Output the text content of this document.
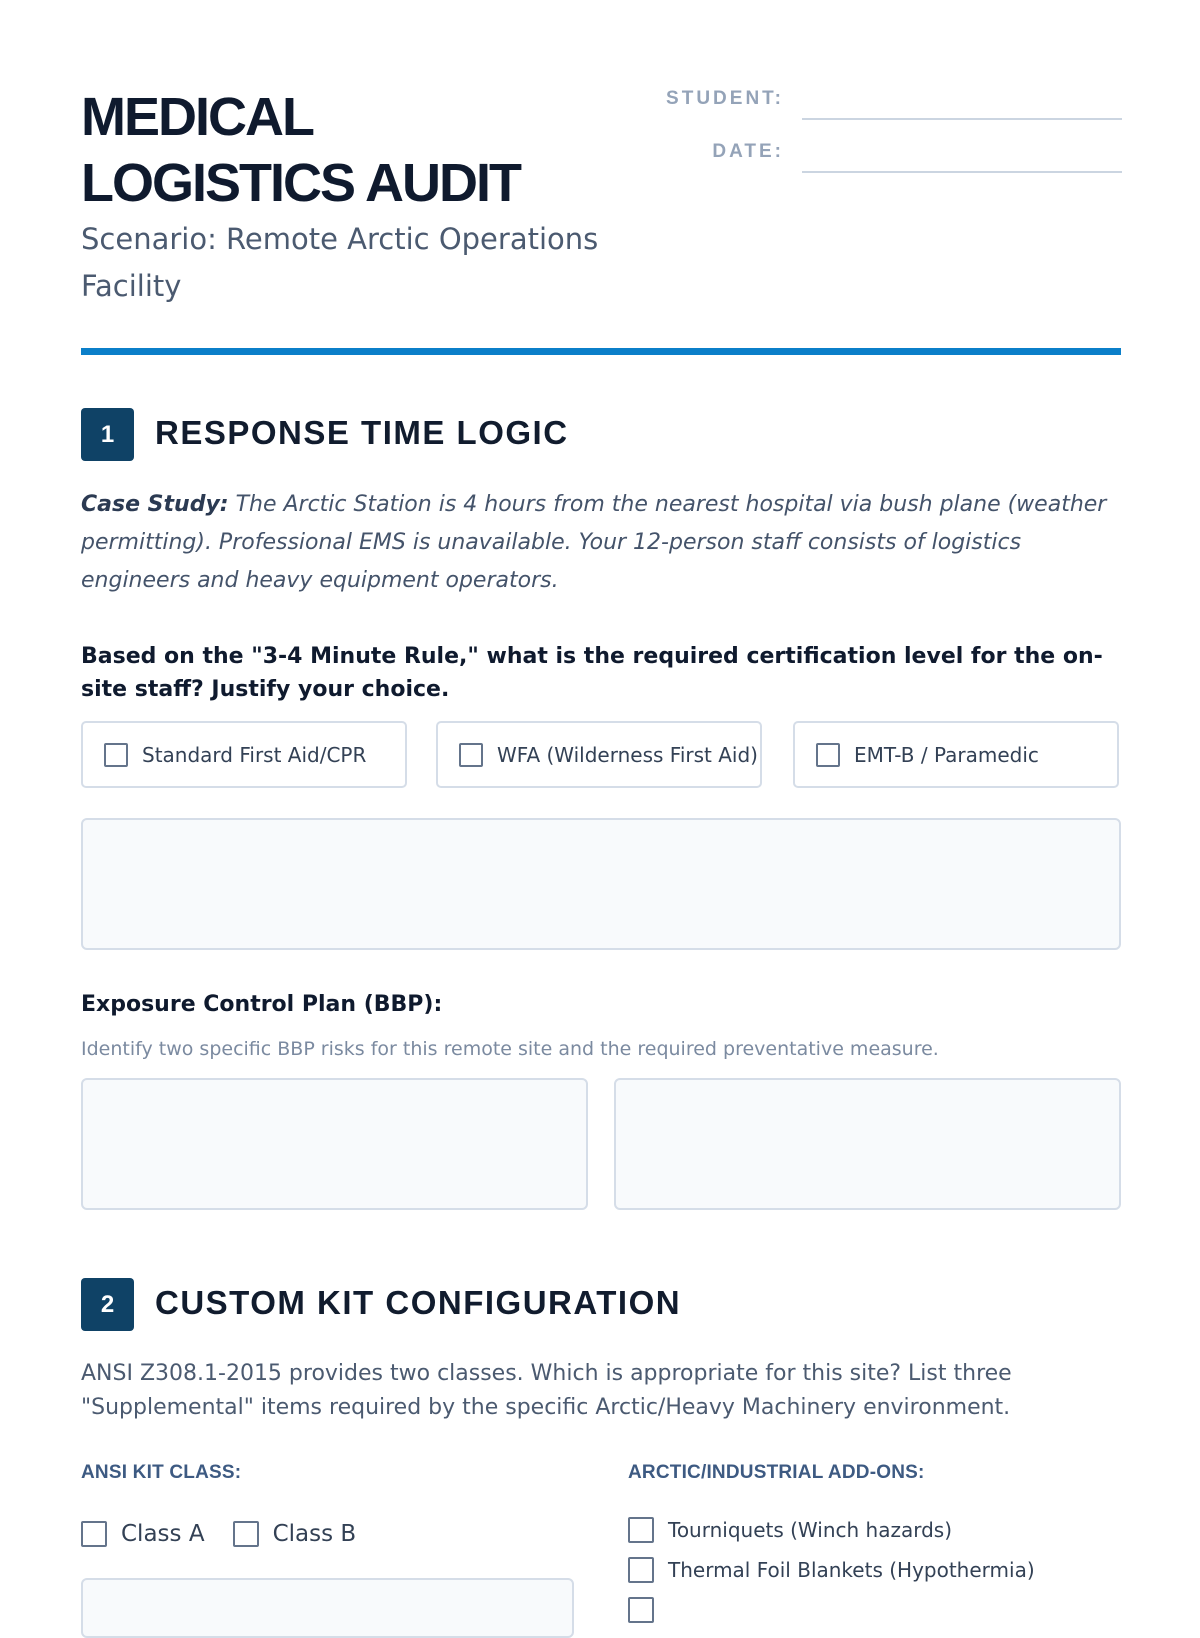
MEDICAL
LOGISTICS AUDIT
Scenario: Remote Arctic Operations Facility
STUDENT:
DATE:
1	RESPONSE TIME LOGIC
Case Study: The Arctic Station is 4 hours from the nearest hospital via bush plane (weather permitting). Professional EMS is unavailable. Your 12-person staff consists of logistics engineers and heavy equipment operators.
Based on the "3-4 Minute Rule," what is the required certification level for the on-site staff? Justify your choice.
Standard First Aid/CPR	WFA (Wilderness First Aid)	EMT-B / Paramedic
Exposure Control Plan (BBP):
Identify two specific BBP risks for this remote site and the required preventative measure.
2	CUSTOM KIT CONFIGURATION
ANSI Z308.1-2015 provides two classes. Which is appropriate for this site? List three "Supplemental" items required by the specific Arctic/Heavy Machinery environment.
ANSI KIT CLASS:	ARCTIC/INDUSTRIAL ADD-ONS:
Class A	Class B	Tourniquets (Winch hazards)
Thermal Foil Blankets (Hypothermia)
